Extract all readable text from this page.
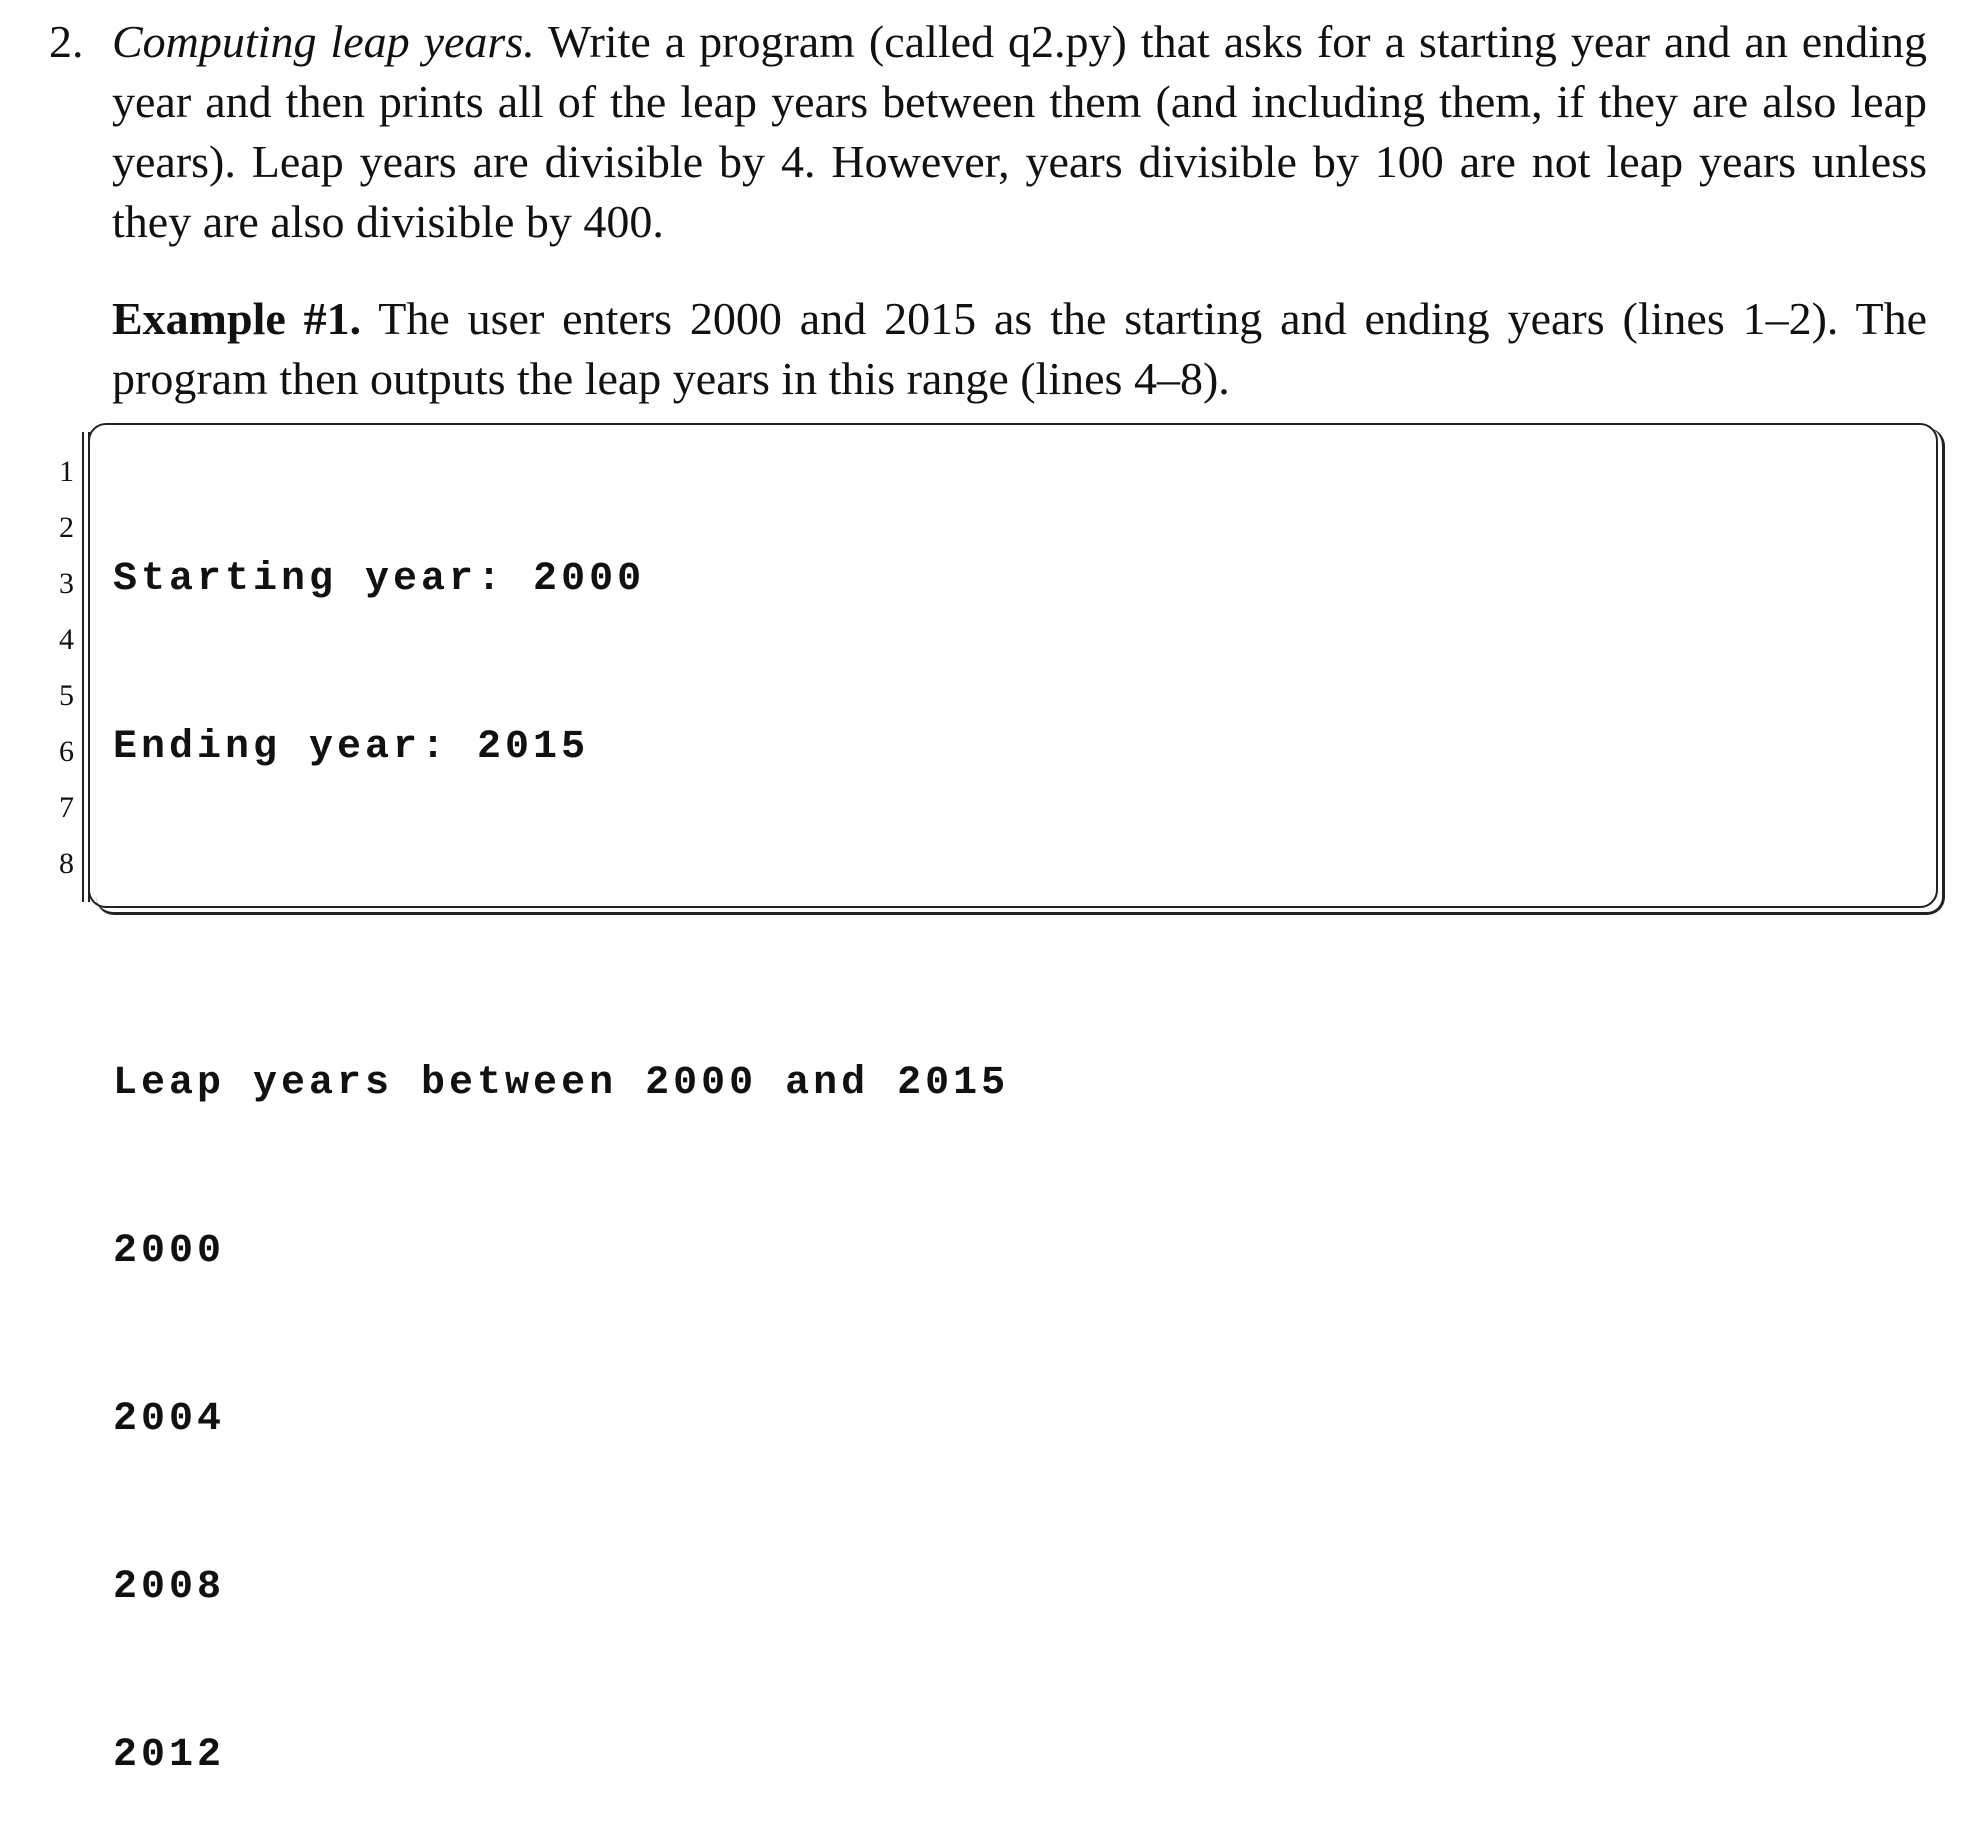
2. Computing leap years. Write a program (called q2.py) that asks for a starting year and an ending year and then prints all of the leap years between them (and including them, if they are also leap years). Leap years are divisible by 4. However, years divisible by 100 are not leap years unless they are also divisible by 400.
Example #1. The user enters 2000 and 2015 as the starting and ending years (lines 1–2). The program then outputs the leap years in this range (lines 4–8).
1
2
3
4
5
6
7
8

Starting year: 2000

Ending year: 2015

Leap years between 2000 and 2015

2000

2004

2008

2012
